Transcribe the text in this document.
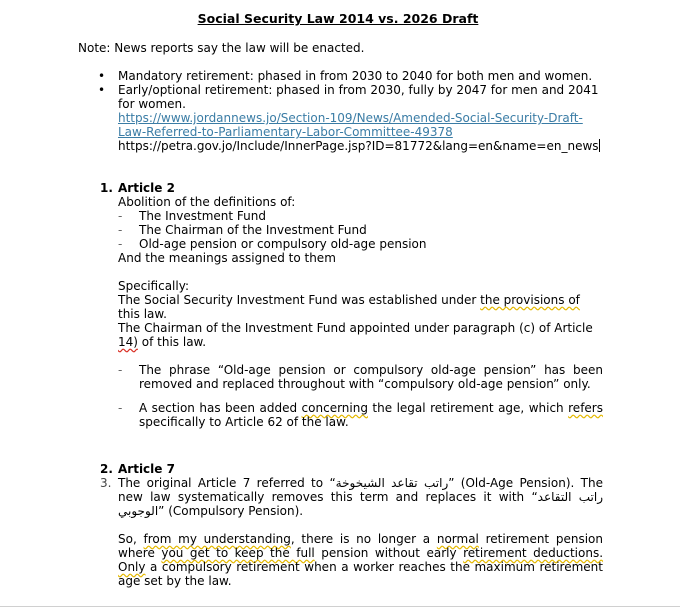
Social Security Law 2014 vs. 2026 Draft
Note: News reports say the law will be enacted.
• Mandatory retirement: phased in from 2030 to 2040 for both men and women.
• Early/optional retirement: phased in from 2030, fully by 2047 for men and 2041 for women.
https://www.jordannews.jo/Section-109/News/Amended-Social-Security-Draft-Law-Referred-to-Parliamentary-Labor-Committee-49378
https://petra.gov.jo/Include/InnerPage.jsp?ID=81772&lang=en&name=en_news
1. Article 2
Abolition of the definitions of:
- The Investment Fund
- The Chairman of the Investment Fund
- Old-age pension or compulsory old-age pension
And the meanings assigned to them
Specifically:
The Social Security Investment Fund was established under the provisions of this law.
The Chairman of the Investment Fund appointed under paragraph (c) of Article 14) of this law.
- The phrase “Old-age pension or compulsory old-age pension” has been removed and replaced throughout with “compulsory old-age pension” only.
- A section has been added concerning the legal retirement age, which refers specifically to Article 62 of the law.
2.
3.
Article 7
The original Article 7 referred to “راتب تقاعد الشيخوخة” (Old-Age Pension). The new law systematically removes this term and replaces it with “راتب التقاعد الوجوبي” (Compulsory Pension).
So, from my understanding, there is no longer a normal retirement pension where you get to keep the full pension without early retirement deductions. Only a compulsory retirement when a worker reaches the maximum retirement age set by the law.
